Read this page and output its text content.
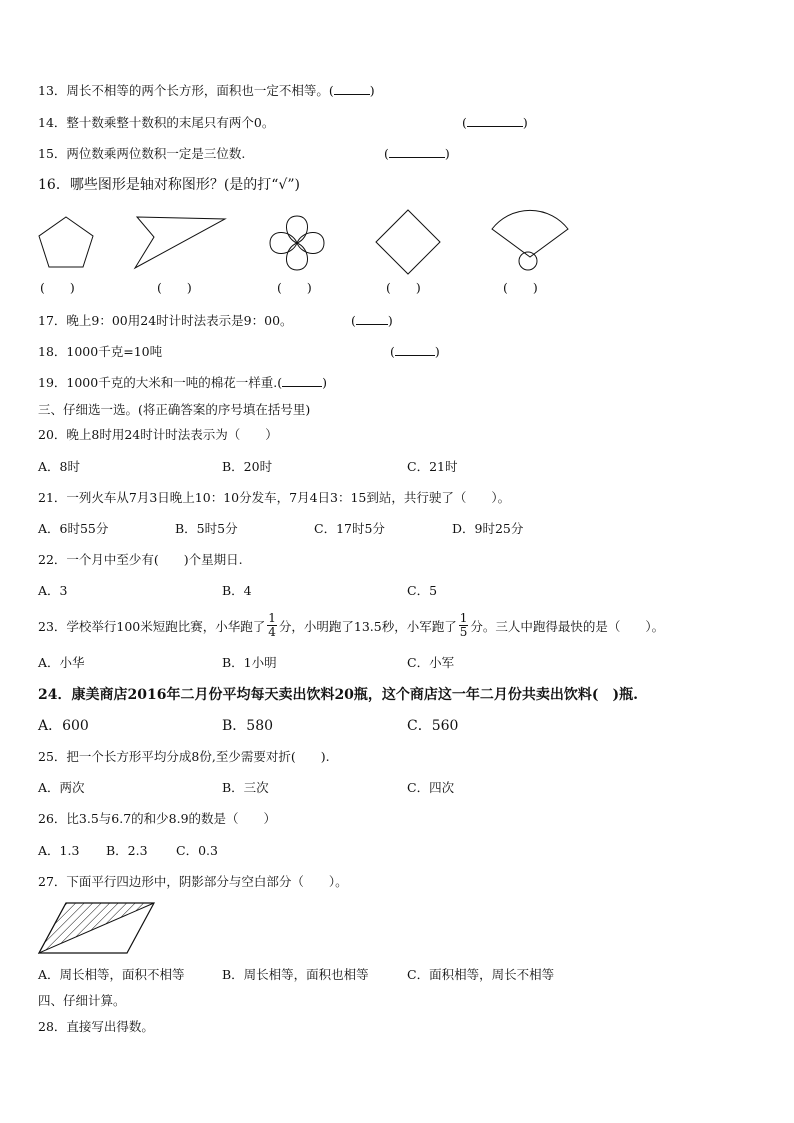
13．周长不相等的两个长方形，面积也一定不相等。(	)
14．整十数乘整十数积的末尾只有两个0。	(	)
15．两位数乘两位数积一定是三位数.	(	)
16．哪些图形是轴对称图形？(是的打“√”)
(　　)	(　　)	(　　)	(　　)	(　　)
17．晚上9：00用24时计时法表示是9：00。	(	)
18．1000千克=10吨	(	)
19．1000千克的大米和一吨的棉花一样重.(	)
三、仔细选一选。(将正确答案的序号填在括号里)
20．晚上8时用24时计时法表示为（　　）
A．8时	B．20时	C．21时
21．一列火车从7月3日晚上10：10分发车，7月4日3：15到站，共行驶了（　　）。
A．6时55分	B．5时5分	C．17时5分	D．9时25分
22．一个月中至少有(　　)个星期日.
A．3	B．4	C．5
23．学校举行100米短跑比赛，小华跑了 $\frac{1}{4}$ 分，小明跑了13.5秒，小军跑了 $\frac{1}{5}$ 分。三人中跑得最快的是（　　）。
A．小华	B．1小明	C．小军
24．康美商店2016年二月份平均每天卖出饮料20瓶，这个商店这一年二月份共卖出饮料(　)瓶.
A．600	B．580	C．560
25．把一个长方形平均分成8份,至少需要对折(　　).
A．两次	B．三次	C．四次
26．比3.5与6.7的和少8.9的数是（　　）
A．1.3 B．2.3 C．0.3
27．下面平行四边形中，阴影部分与空白部分（　　）。
A．周长相等，面积不相等	B．周长相等，面积也相等	C．面积相等，周长不相等
四、仔细计算。
28．直接写出得数。
